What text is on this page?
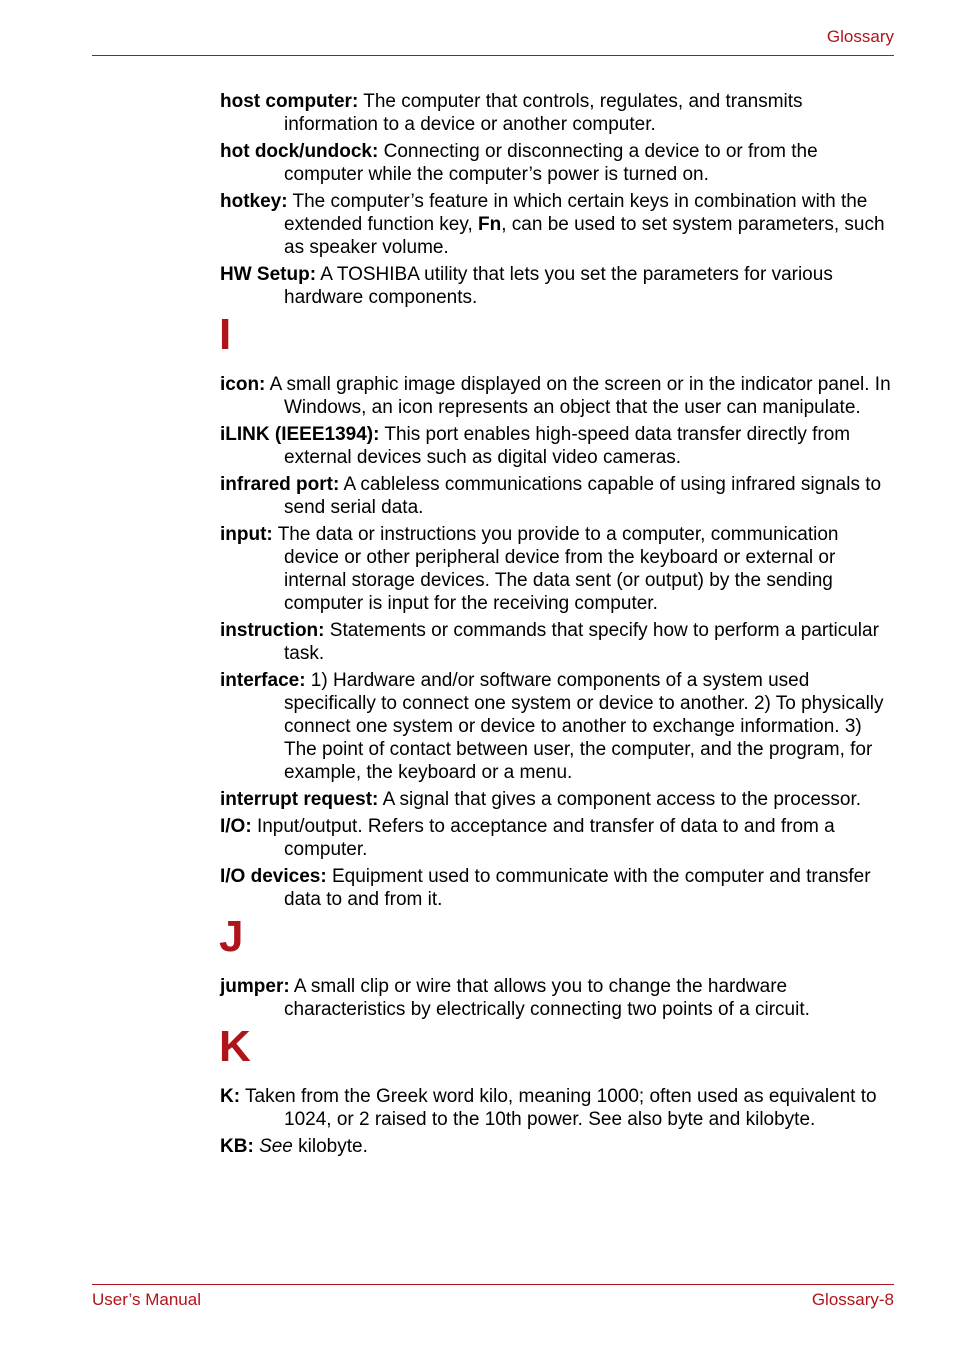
Glossary
host computer: The computer that controls, regulates, and transmits information to a device or another computer.
hot dock/undock: Connecting or disconnecting a device to or from the computer while the computer’s power is turned on.
hotkey: The computer’s feature in which certain keys in combination with the extended function key, Fn, can be used to set system parameters, such as speaker volume.
HW Setup: A TOSHIBA utility that lets you set the parameters for various hardware components.
I
icon: A small graphic image displayed on the screen or in the indicator panel. In Windows, an icon represents an object that the user can manipulate.
iLINK (IEEE1394): This port enables high-speed data transfer directly from external devices such as digital video cameras.
infrared port: A cableless communications capable of using infrared signals to send serial data.
input: The data or instructions you provide to a computer, communication device or other peripheral device from the keyboard or external or internal storage devices. The data sent (or output) by the sending computer is input for the receiving computer.
instruction: Statements or commands that specify how to perform a particular task.
interface: 1) Hardware and/or software components of a system used specifically to connect one system or device to another. 2) To physically connect one system or device to another to exchange information. 3) The point of contact between user, the computer, and the program, for example, the keyboard or a menu.
interrupt request: A signal that gives a component access to the processor.
I/O: Input/output. Refers to acceptance and transfer of data to and from a computer.
I/O devices: Equipment used to communicate with the computer and transfer data to and from it.
J
jumper: A small clip or wire that allows you to change the hardware characteristics by electrically connecting two points of a circuit.
K
K: Taken from the Greek word kilo, meaning 1000; often used as equivalent to 1024, or 2 raised to the 10th power. See also byte and kilobyte.
KB: See kilobyte.
User’s Manual	Glossary-8
